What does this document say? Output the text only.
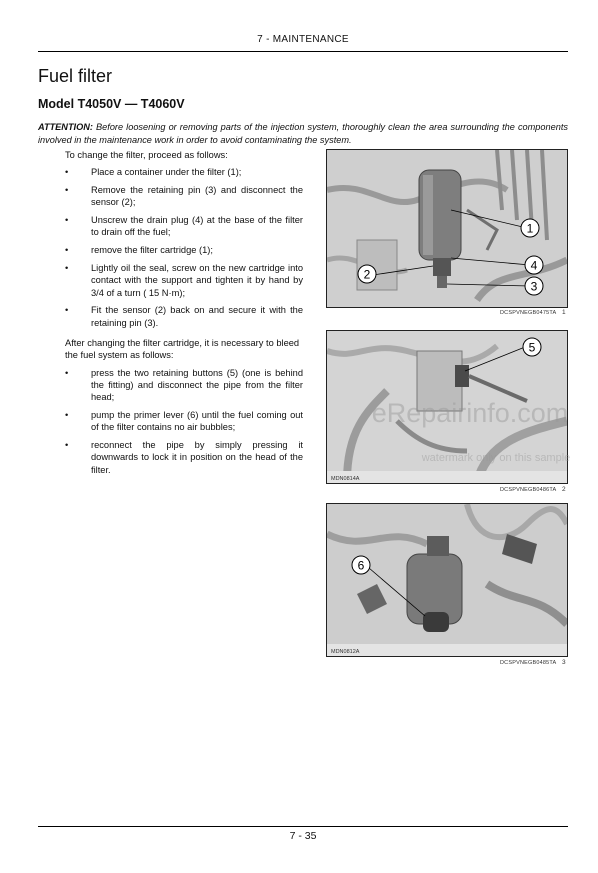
7 - MAINTENANCE
Fuel filter
Model T4050V — T4060V
ATTENTION: Before loosening or removing parts of the injection system, thoroughly clean the area surrounding the components involved in the maintenance work in order to avoid contaminating the system.

To change the filter, proceed as follows:

• Place a container under the filter (1);
• Remove the retaining pin (3) and disconnect the sensor (2);
• Unscrew the drain plug (4) at the base of the filter to drain off the fuel;
• remove the filter cartridge (1);
• Lightly oil the seal, screw on the new cartridge into contact with the support and tighten it by hand by 3/4 of a turn ( 15 N·m);
• Fit the sensor (2) back on and secure it with the retaining pin (3).

After changing the filter cartridge, it is necessary to bleed the fuel system as follows:

• press the two retaining buttons (5) (one is behind the fitting) and disconnect the pipe from the filter head;
• pump the primer lever (6) until the fuel coming out of the filter contains no air bubbles;
• reconnect the pipe by simply pressing it downwards to lock it in position on the head of the filter.
1
4
2
3
DCSPVNEGB0475TA 1
5
MDN0814A
DCSPVNEGB0486TA 2
6
MDN0812A
DCSPVNEGB0485TA 3
eRepairinfo.com
watermark only on this sample
7 - 35
